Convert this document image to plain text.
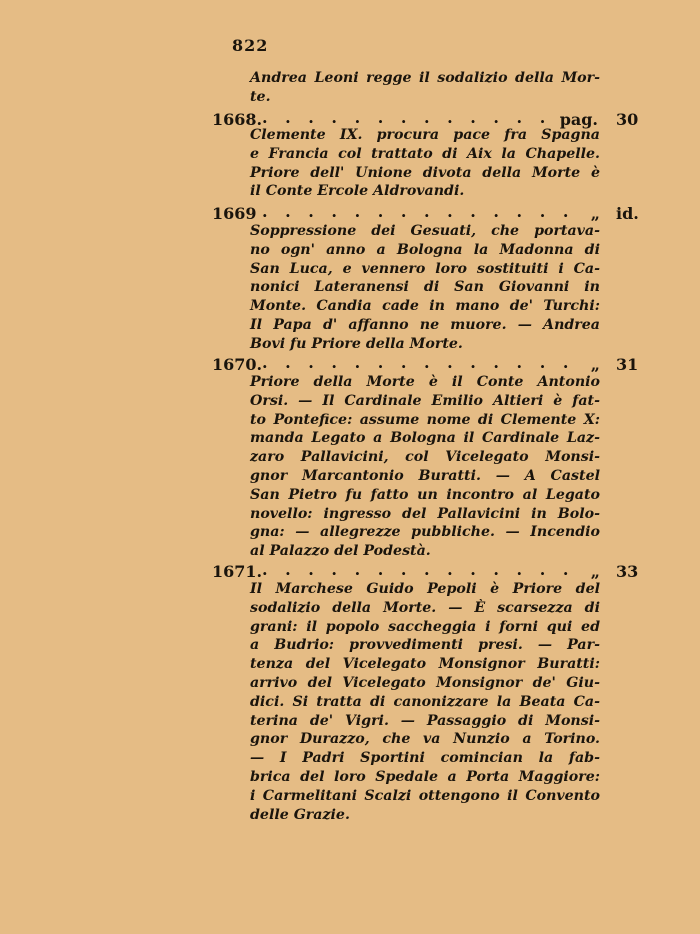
822
Andrea Leoni regge il sodalizio della Mor-
te.
1668. . . . . . . . . . . . . . pag. 30
Clemente IX. procura pace fra Spagna
e Francia col trattato di Aix la Chapelle.
Priore dell' Unione divota della Morte è
il Conte Ercole Aldrovandi.
1669 . . . . . . . . . . . . . . „ id.
Soppressione dei Gesuati, che portava-
no ogn' anno a Bologna la Madonna di
San Luca, e vennero loro sostituiti i Ca-
nonici Lateranensi di San Giovanni in
Monte. Candia cade in mano de' Turchi:
Il Papa d' affanno ne muore. — Andrea
Bovi fu Priore della Morte.
1670. . . . . . . . . . . . . . . „ 31
Priore della Morte è il Conte Antonio
Orsi. — Il Cardinale Emilio Altieri è fat-
to Pontefice: assume nome di Clemente X:
manda Legato a Bologna il Cardinale Laz-
zaro Pallavicini, col Vicelegato Monsi-
gnor Marcantonio Buratti. — A Castel
San Pietro fu fatto un incontro al Legato
novello: ingresso del Pallavicini in Bolo-
gna: — allegrezze pubbliche. — Incendio
al Palazzo del Podestà.
1671. . . . . . . . . . . . . . . „ 33
Il Marchese Guido Pepoli è Priore del
sodalizio della Morte. — È scarsezza di
grani: il popolo saccheggia i forni qui ed
a Budrio: provvedimenti presi. — Par-
tenza del Vicelegato Monsignor Buratti:
arrivo del Vicelegato Monsignor de' Giu-
dici. Si tratta di canonizzare la Beata Ca-
terina de' Vigri. — Passaggio di Monsi-
gnor Durazzo, che va Nunzio a Torino.
— I Padri Sportini comincian la fab-
brica del loro Spedale a Porta Maggiore:
i Carmelitani Scalzi ottengono il Convento
delle Grazie.
